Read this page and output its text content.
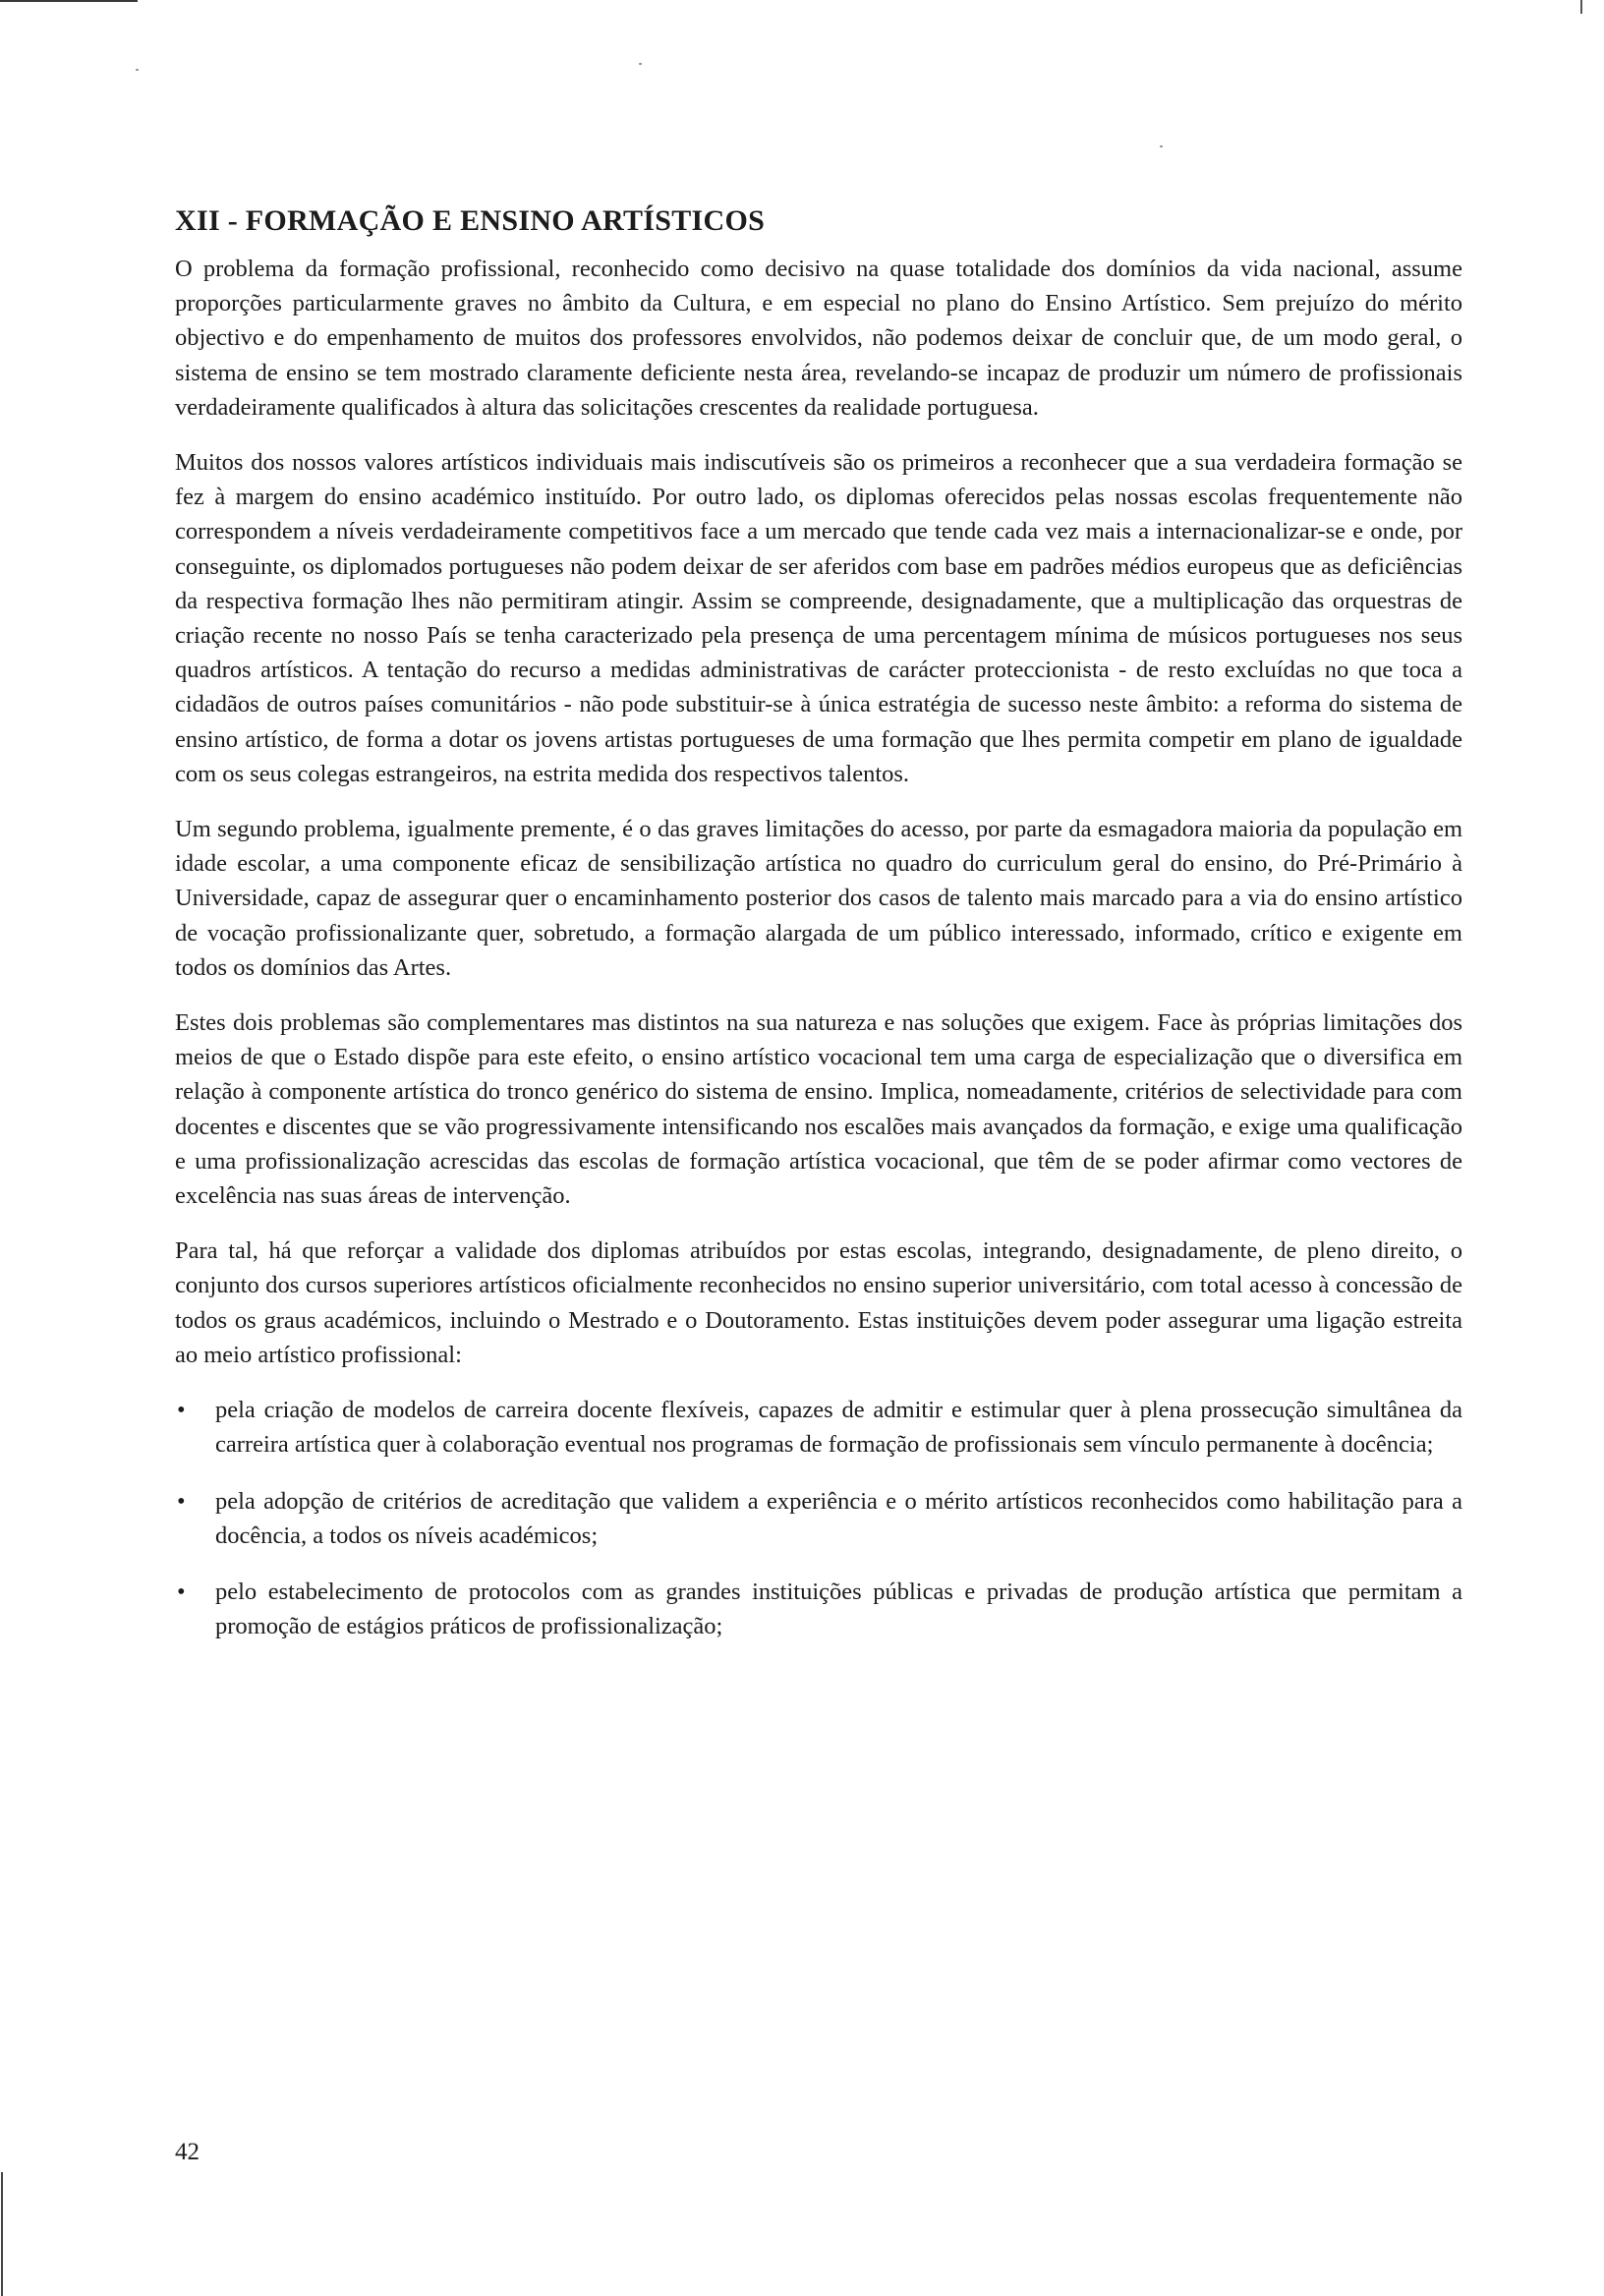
XII - FORMAÇÃO E ENSINO ARTÍSTICOS

O problema da formação profissional, reconhecido como decisivo na quase totalidade dos domínios da vida nacional, assume proporções particularmente graves no âmbito da Cultura, e em especial no plano do Ensino Artístico. Sem prejuízo do mérito objectivo e do empenhamento de muitos dos professores envolvidos, não podemos deixar de concluir que, de um modo geral, o sistema de ensino se tem mostrado claramente deficiente nesta área, revelando-se incapaz de produzir um número de profissionais verdadeiramente qualificados à altura das solicitações crescentes da realidade portuguesa.

Muitos dos nossos valores artísticos individuais mais indiscutíveis são os primeiros a reconhecer que a sua verdadeira formação se fez à margem do ensino académico instituído. Por outro lado, os diplomas oferecidos pelas nossas escolas frequentemente não correspondem a níveis verdadeiramente competitivos face a um mercado que tende cada vez mais a internacionalizar-se e onde, por conseguinte, os diplomados portugueses não podem deixar de ser aferidos com base em padrões médios europeus que as deficiências da respectiva formação lhes não permitiram atingir. Assim se compreende, designadamente, que a multiplicação das orquestras de criação recente no nosso País se tenha caracterizado pela presença de uma percentagem mínima de músicos portugueses nos seus quadros artísticos. A tentação do recurso a medidas administrativas de carácter proteccionista - de resto excluídas no que toca a cidadãos de outros países comunitários - não pode substituir-se à única estratégia de sucesso neste âmbito: a reforma do sistema de ensino artístico, de forma a dotar os jovens artistas portugueses de uma formação que lhes permita competir em plano de igualdade com os seus colegas estrangeiros, na estrita medida dos respectivos talentos.

Um segundo problema, igualmente premente, é o das graves limitações do acesso, por parte da esmagadora maioria da população em idade escolar, a uma componente eficaz de sensibilização artística no quadro do curriculum geral do ensino, do Pré-Primário à Universidade, capaz de assegurar quer o encaminhamento posterior dos casos de talento mais marcado para a via do ensino artístico de vocação profissionalizante quer, sobretudo, a formação alargada de um público interessado, informado, crítico e exigente em todos os domínios das Artes.

Estes dois problemas são complementares mas distintos na sua natureza e nas soluções que exigem. Face às próprias limitações dos meios de que o Estado dispõe para este efeito, o ensino artístico vocacional tem uma carga de especialização que o diversifica em relação à componente artística do tronco genérico do sistema de ensino. Implica, nomeadamente, critérios de selectividade para com docentes e discentes que se vão progressivamente intensificando nos escalões mais avançados da formação, e exige uma qualificação e uma profissionalização acrescidas das escolas de formação artística vocacional, que têm de se poder afirmar como vectores de excelência nas suas áreas de intervenção.

Para tal, há que reforçar a validade dos diplomas atribuídos por estas escolas, integrando, designadamente, de pleno direito, o conjunto dos cursos superiores artísticos oficialmente reconhecidos no ensino superior universitário, com total acesso à concessão de todos os graus académicos, incluindo o Mestrado e o Doutoramento. Estas instituições devem poder assegurar uma ligação estreita ao meio artístico profissional:

• pela criação de modelos de carreira docente flexíveis, capazes de admitir e estimular quer à plena prossecução simultânea da carreira artística quer à colaboração eventual nos programas de formação de profissionais sem vínculo permanente à docência;
• pela adopção de critérios de acreditação que validem a experiência e o mérito artísticos reconhecidos como habilitação para a docência, a todos os níveis académicos;
• pelo estabelecimento de protocolos com as grandes instituições públicas e privadas de produção artística que permitam a promoção de estágios práticos de profissionalização;
42
